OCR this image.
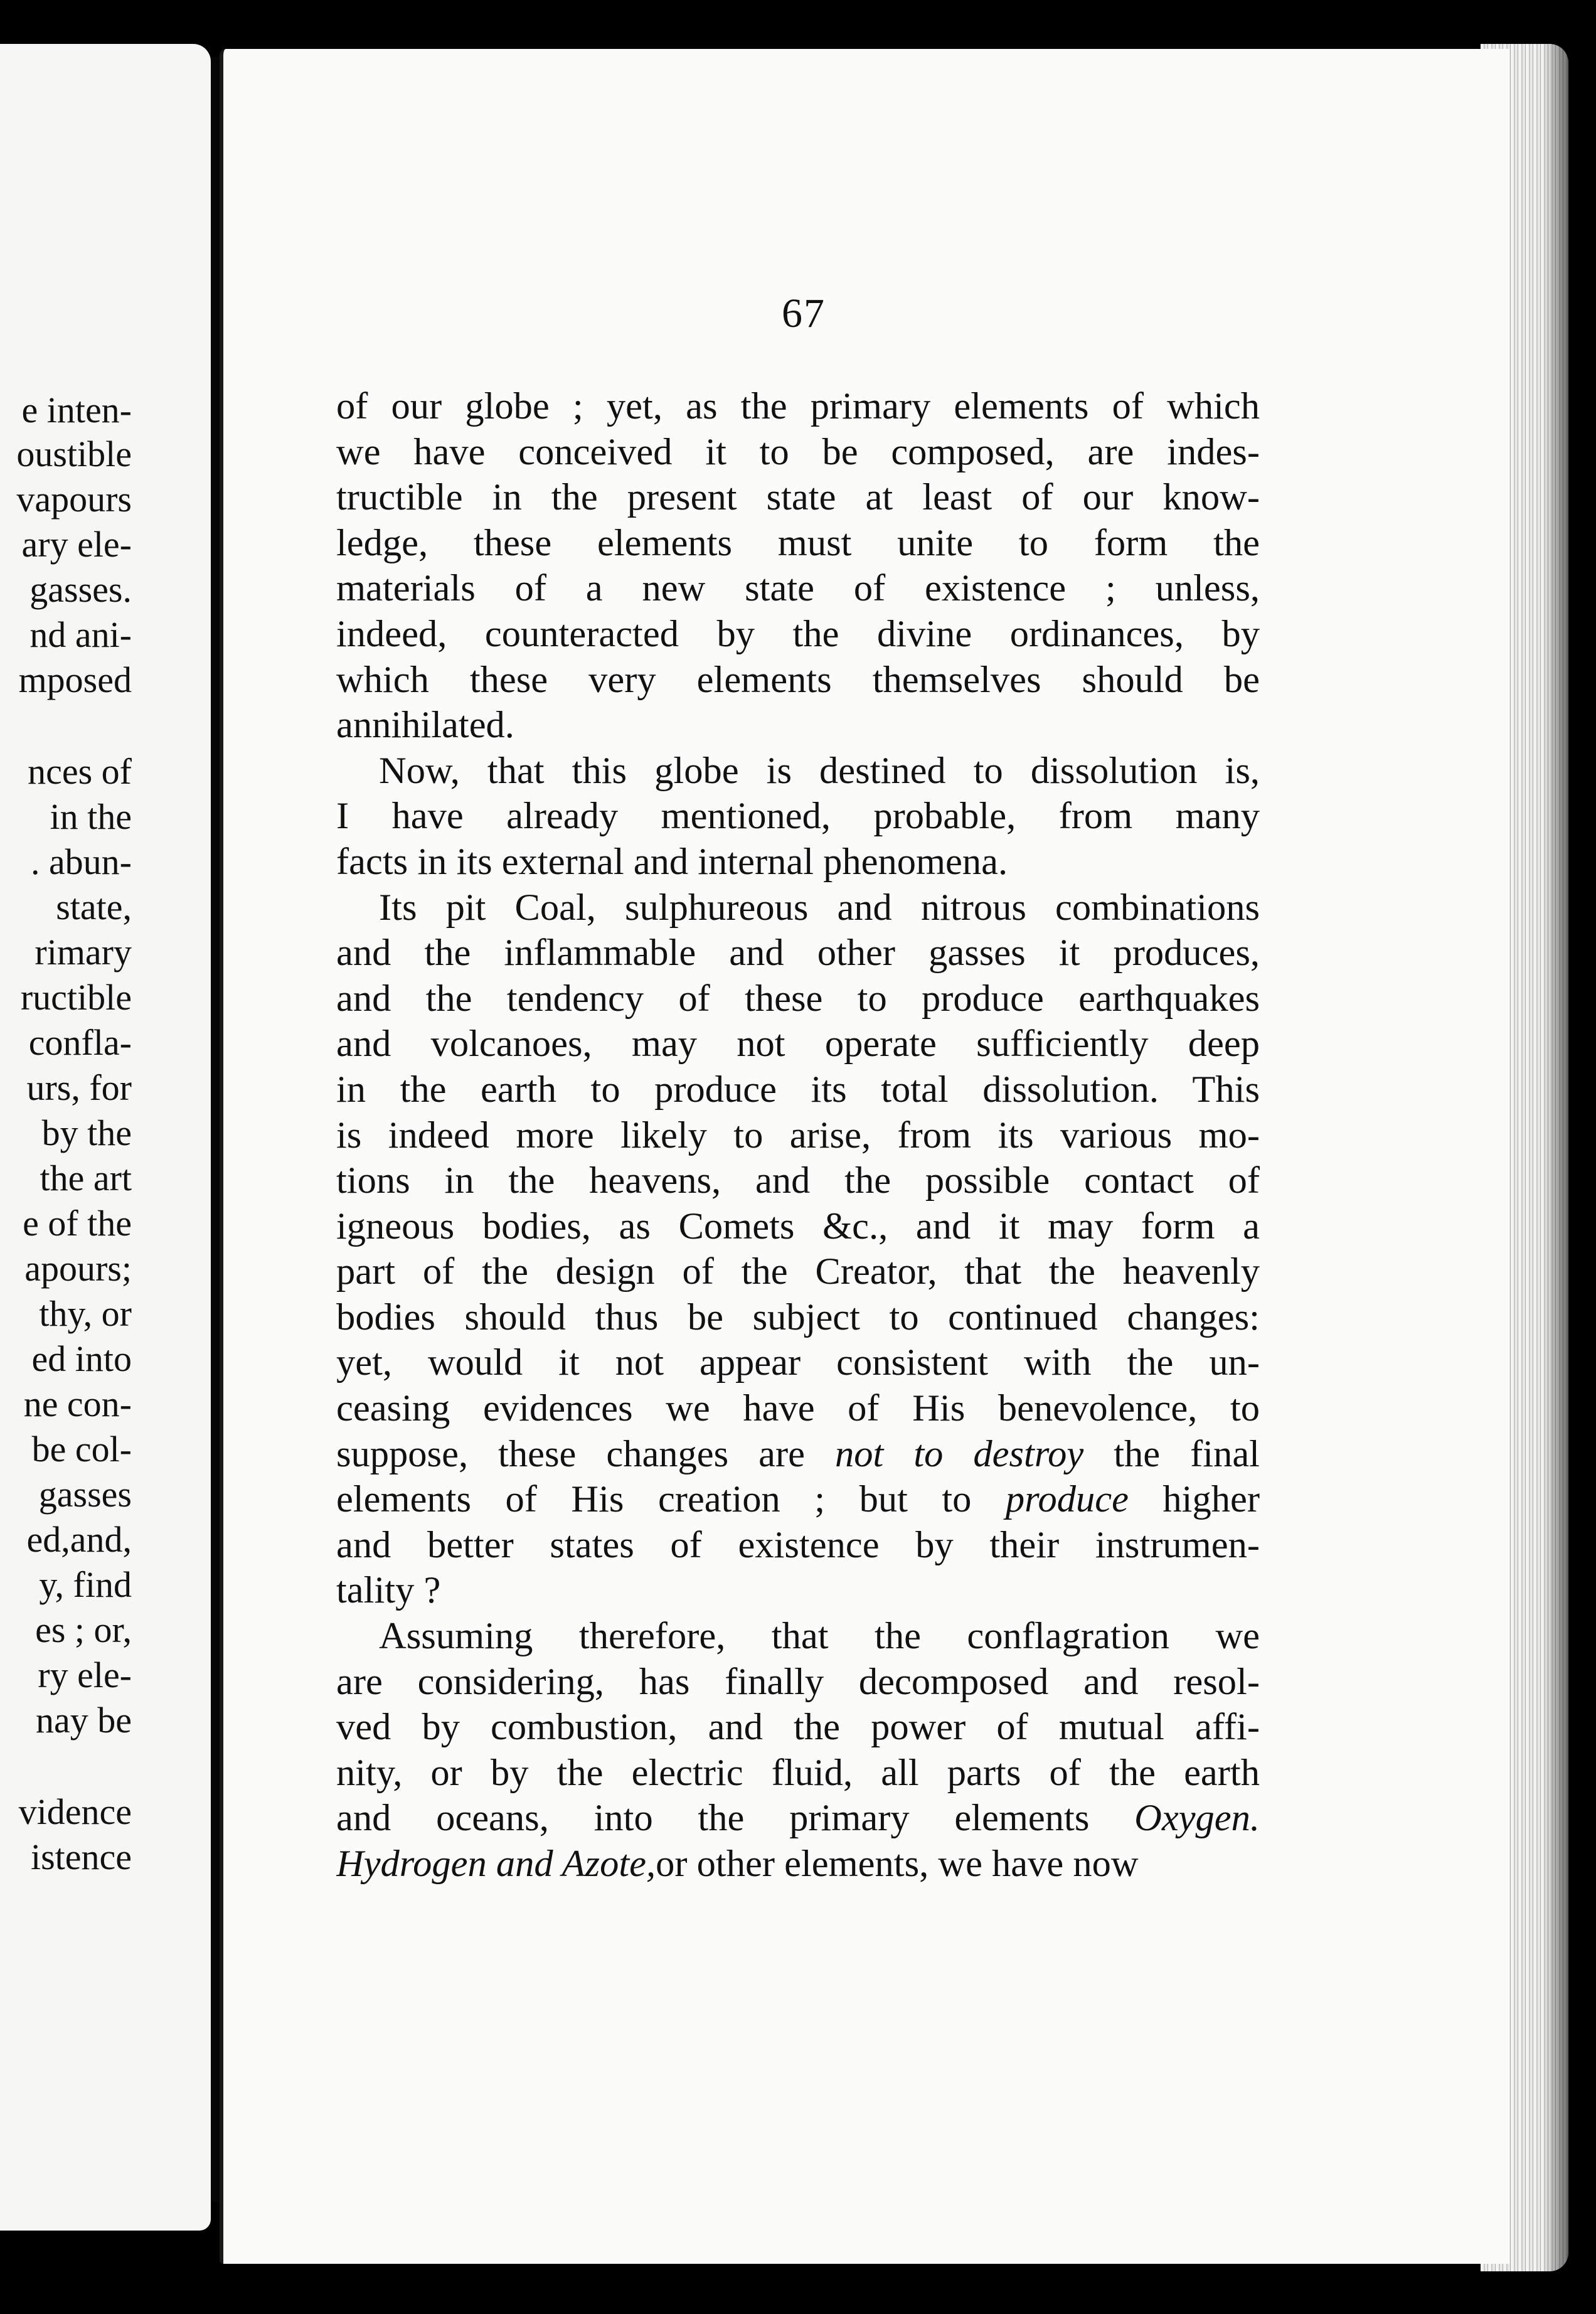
e inten-
oustible
vapours
ary ele-
gasses.
nd ani-
mposed
nces of
in the
. abun-
state,
rimary
ructible
confla-
urs, for
by the
the art
e of the
apours;
thy, or
ed into
ne con-
be col-
gasses
ed,and,
y, find
es ; or,
ry ele-
nay be
vidence
istence
67
of our globe ; yet, as the primary elements of which
we have conceived it to be composed, are indes-
tructible in the present state at least of our know-
ledge, these elements must unite to form the
materials of a new state of existence ; unless,
indeed, counteracted by the divine ordinances, by
which these very elements themselves should be
annihilated.
Now, that this globe is destined to dissolution is,
I have already mentioned, probable, from many
facts in its external and internal phenomena.
Its pit Coal, sulphureous and nitrous combinations
and the inflammable and other gasses it produces,
and the tendency of these to produce earthquakes
and volcanoes, may not operate sufficiently deep
in the earth to produce its total dissolution. This
is indeed more likely to arise, from its various mo-
tions in the heavens, and the possible contact of
igneous bodies, as Comets &c., and it may form a
part of the design of the Creator, that the heavenly
bodies should thus be subject to continued changes:
yet, would it not appear consistent with the un-
ceasing evidences we have of His benevolence, to
suppose, these changes are not to destroy the final
elements of His creation ; but to produce higher
and better states of existence by their instrumen-
tality ?
Assuming therefore, that the conflagration we
are considering, has finally decomposed and resol-
ved by combustion, and the power of mutual affi-
nity, or by the electric fluid, all parts of the earth
and oceans, into the primary elements Oxygen.
Hydrogen and Azote,or other elements, we have now
